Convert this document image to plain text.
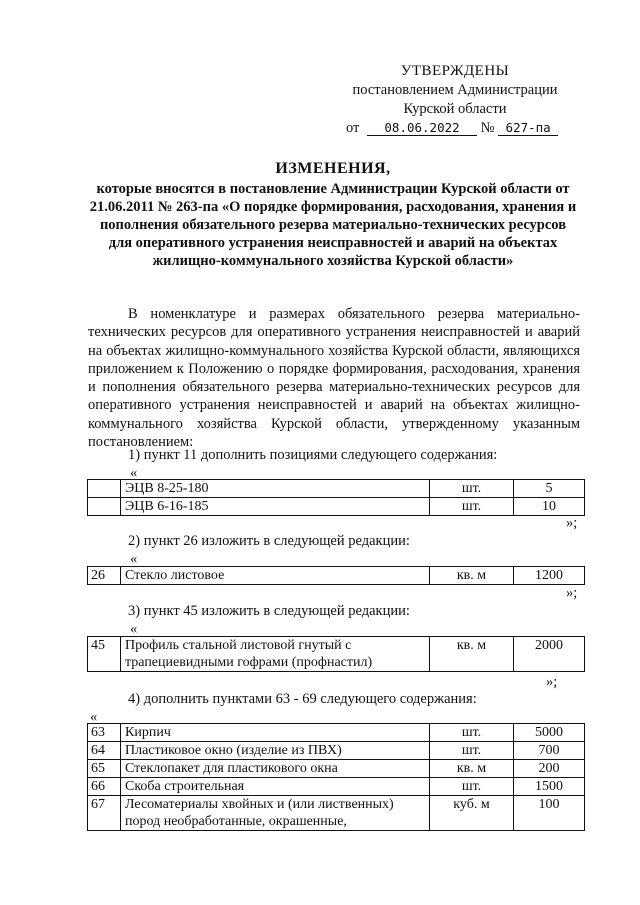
УТВЕРЖДЕНЫ
постановлением Администрации
Курской области
от 08.06.2022 № 627-па
ИЗМЕНЕНИЯ,
которые вносятся в постановление Администрации Курской области от 21.06.2011 № 263-па «О порядке формирования, расходования, хранения и пополнения обязательного резерва материально-технических ресурсов для оперативного устранения неисправностей и аварий на объектах жилищно-коммунального хозяйства Курской области»
В номенклатуре и размерах обязательного резерва материально-технических ресурсов для оперативного устранения неисправностей и аварий на объектах жилищно-коммунального хозяйства Курской области, являющихся приложением к Положению о порядке формирования, расходования, хранения и пополнения обязательного резерва материально-технических ресурсов для оперативного устранения неисправностей и аварий на объектах жилищно-коммунального хозяйства Курской области, утвержденному указанным постановлением:
1) пункт 11 дополнить позициями следующего содержания:
«
	ЭЦВ 8-25-180	шт.	5
	ЭЦВ 6-16-185	шт.	10
»;
2) пункт 26 изложить в следующей редакции:
«
26	Стекло листовое	кв. м	1200
»;
3) пункт 45 изложить в следующей редакции:
«
45	Профиль стальной листовой гнутый с трапециевидными гофрами (профнастил)	кв. м	2000
»;
4) дополнить пунктами 63 - 69 следующего содержания:
«
63	Кирпич	шт.	5000
64	Пластиковое окно (изделие из ПВХ)	шт.	700
65	Стеклопакет для пластикового окна	кв. м	200
66	Скоба строительная	шт.	1500
67	Лесоматериалы хвойных и (или лиственных) пород необработанные, окрашенные,	куб. м	100
